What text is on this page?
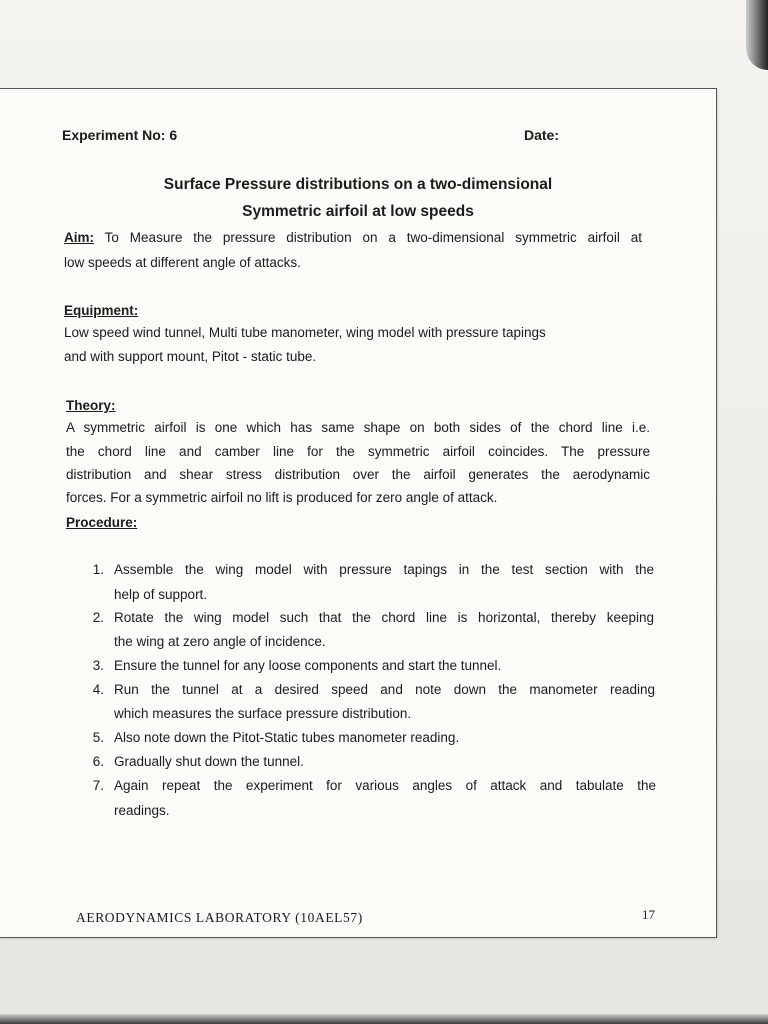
Experiment No: 6	Date:
Surface Pressure distributions on a two-dimensional
Symmetric airfoil at low speeds
Aim: To Measure the pressure distribution on a two-dimensional symmetric airfoil at
low speeds at different angle of attacks.
Equipment:
Low speed wind tunnel, Multi tube manometer, wing model with pressure tapings
and with support mount, Pitot - static tube.
Theory:
A symmetric airfoil is one which has same shape on both sides of the chord line i.e.
the chord line and camber line for the symmetric airfoil coincides. The pressure
distribution and shear stress distribution over the airfoil generates the aerodynamic
forces. For a symmetric airfoil no lift is produced for zero angle of attack.
Procedure:
Assemble the wing model with pressure tapings in the test section with the
1.
help of support.
2. Rotate the wing model such that the chord line is horizontal, thereby keeping
the wing at zero angle of incidence.
3. Ensure the tunnel for any loose components and start the tunnel.
4. Run the tunnel at a desired speed and note down the manometer reading
which measures the surface pressure distribution.
5. Also note down the Pitot-Static tubes manometer reading.
6. Gradually shut down the tunnel.
7. Again repeat the experiment for various angles of attack and tabulate the
readings.
AERODYNAMICS LABORATORY (10AEL57)	17
